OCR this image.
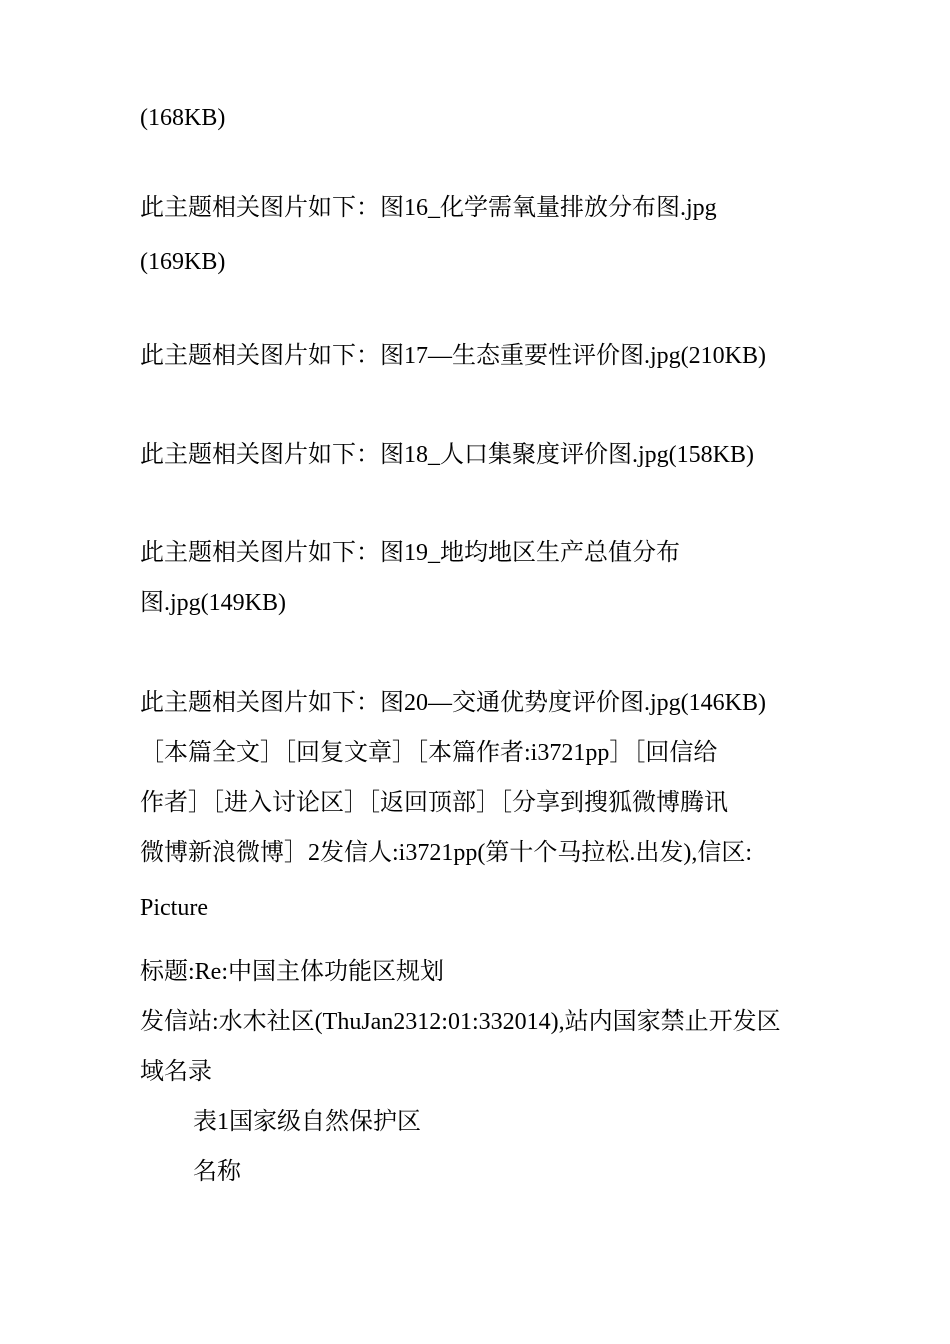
(168KB)
此主题相关图片如下：图16_化学需氧量排放分布图.jpg
(169KB)
此主题相关图片如下：图17—生态重要性评价图.jpg(210KB)
此主题相关图片如下：图18_人口集聚度评价图.jpg(158KB)
此主题相关图片如下：图19_地均地区生产总值分布
图.jpg(149KB)
此主题相关图片如下：图20—交通优势度评价图.jpg(146KB)
［本篇全文］［回复文章］［本篇作者:i3721pp］［回信给
作者］［进入讨论区］［返回顶部］［分享到搜狐微博腾讯
微博新浪微博］2发信人:i3721pp(第十个马拉松.出发),信区:
Picture
标题:Re:中国主体功能区规划
发信站:水木社区(ThuJan2312:01:332014),站内国家禁止开发区
域名录
表1国家级自然保护区
名称
